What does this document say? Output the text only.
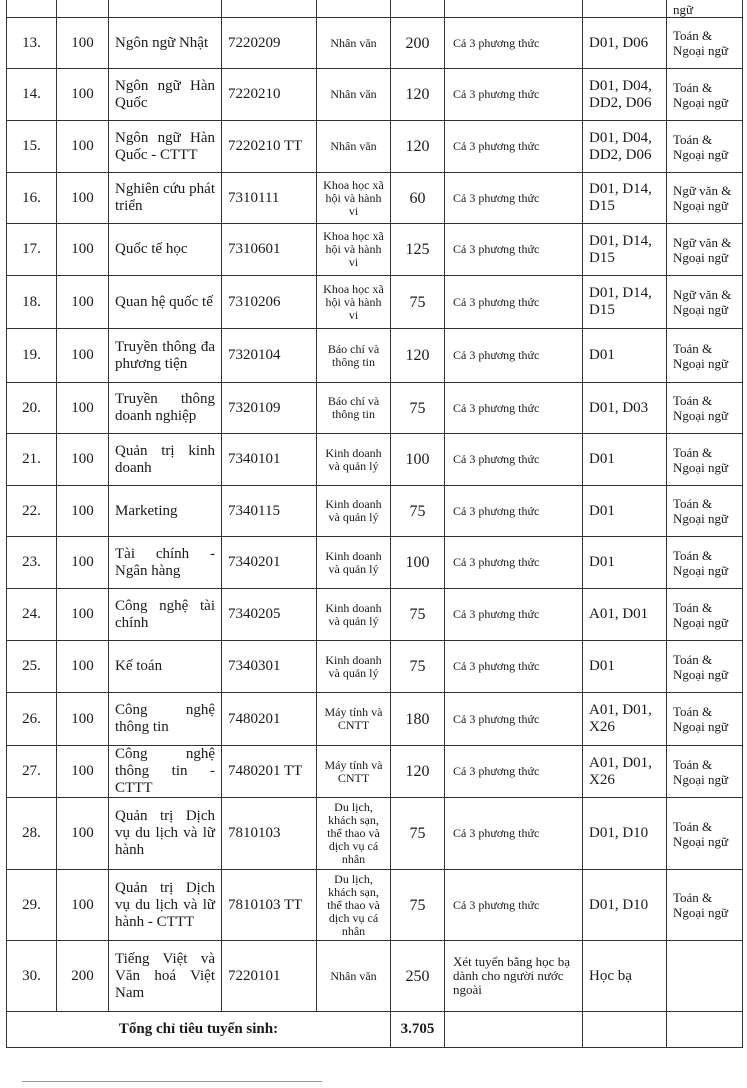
								ngữ
13.	100	Ngôn ngữ Nhật	7220209	Nhân văn	200	Cả 3 phương thức	D01, D06	Toán & Ngoại ngữ
14.	100	Ngôn ngữ Hàn Quốc	7220210	Nhân văn	120	Cả 3 phương thức	D01, D04, DD2, D06	Toán & Ngoại ngữ
15.	100	Ngôn ngữ Hàn Quốc - CTTT	7220210 TT	Nhân văn	120	Cả 3 phương thức	D01, D04, DD2, D06	Toán & Ngoại ngữ
16.	100	Nghiên cứu phát triển	7310111	Khoa học xã hội và hành vi	60	Cả 3 phương thức	D01, D14, D15	Ngữ văn & Ngoại ngữ
17.	100	Quốc tế học	7310601	Khoa học xã hội và hành vi	125	Cả 3 phương thức	D01, D14, D15	Ngữ văn & Ngoại ngữ
18.	100	Quan hệ quốc tế	7310206	Khoa học xã hội và hành vi	75	Cả 3 phương thức	D01, D14, D15	Ngữ văn & Ngoại ngữ
19.	100	Truyền thông đa phương tiện	7320104	Báo chí và thông tin	120	Cả 3 phương thức	D01	Toán & Ngoại ngữ
20.	100	Truyền thông doanh nghiệp	7320109	Báo chí và thông tin	75	Cả 3 phương thức	D01, D03	Toán & Ngoại ngữ
21.	100	Quản trị kinh doanh	7340101	Kinh doanh và quản lý	100	Cả 3 phương thức	D01	Toán & Ngoại ngữ
22.	100	Marketing	7340115	Kinh doanh và quản lý	75	Cả 3 phương thức	D01	Toán & Ngoại ngữ
23.	100	Tài chính - Ngân hàng	7340201	Kinh doanh và quản lý	100	Cả 3 phương thức	D01	Toán & Ngoại ngữ
24.	100	Công nghệ tài chính	7340205	Kinh doanh và quản lý	75	Cả 3 phương thức	A01, D01	Toán & Ngoại ngữ
25.	100	Kế toán	7340301	Kinh doanh và quản lý	75	Cả 3 phương thức	D01	Toán & Ngoại ngữ
26.	100	Công nghệ thông tin	7480201	Máy tính và CNTT	180	Cả 3 phương thức	A01, D01, X26	Toán & Ngoại ngữ
27.	100	Công nghệ thông tin - CTTT	7480201 TT	Máy tính và CNTT	120	Cả 3 phương thức	A01, D01, X26	Toán & Ngoại ngữ
28.	100	Quản trị Dịch vụ du lịch và lữ hành	7810103	Du lịch, khách sạn, thể thao và dịch vụ cá nhân	75	Cả 3 phương thức	D01, D10	Toán & Ngoại ngữ
29.	100	Quản trị Dịch vụ du lịch và lữ hành - CTTT	7810103 TT	Du lịch, khách sạn, thể thao và dịch vụ cá nhân	75	Cả 3 phương thức	D01, D10	Toán & Ngoại ngữ
30.	200	Tiếng Việt và Văn hoá Việt Nam	7220101	Nhân văn	250	Xét tuyển bằng học bạ dành cho người nước ngoài	Học bạ	
Tổng chỉ tiêu tuyển sinh:					3.705			
